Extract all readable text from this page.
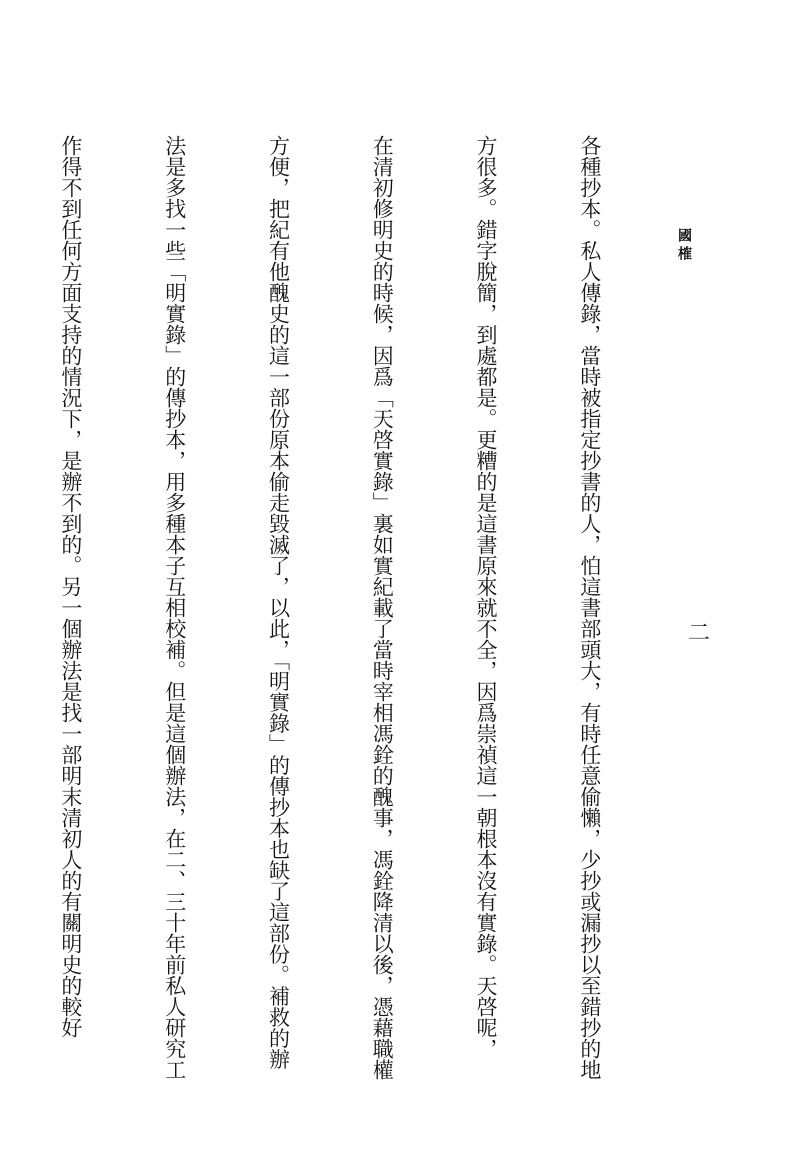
國榷
二

各種抄本。私人傳錄，當時被指定抄書的人，怕這書部頭大，有時任意偷懶，少抄或漏抄以至錯抄的地

方很多。錯字脫簡，到處都是。更糟的是這書原來就不全，因爲崇禎這一朝根本沒有實錄。天啓呢，

在清初修明史的時候，因爲「天啓實錄」裏如實紀載了當時宰相馮銓的醜事，馮銓降清以後，憑藉職權

方便，把紀有他醜史的這一部份原本偷走毀滅了，以此，「明實錄」的傳抄本也缺了這部份。補救的辦

法是多找一些「明實錄」的傳抄本，用多種本子互相校補。但是這個辦法，在二、三十年前私人研究工

作得不到任何方面支持的情況下，是辦不到的。另一個辦法是找一部明末清初人的有關明史的較好
